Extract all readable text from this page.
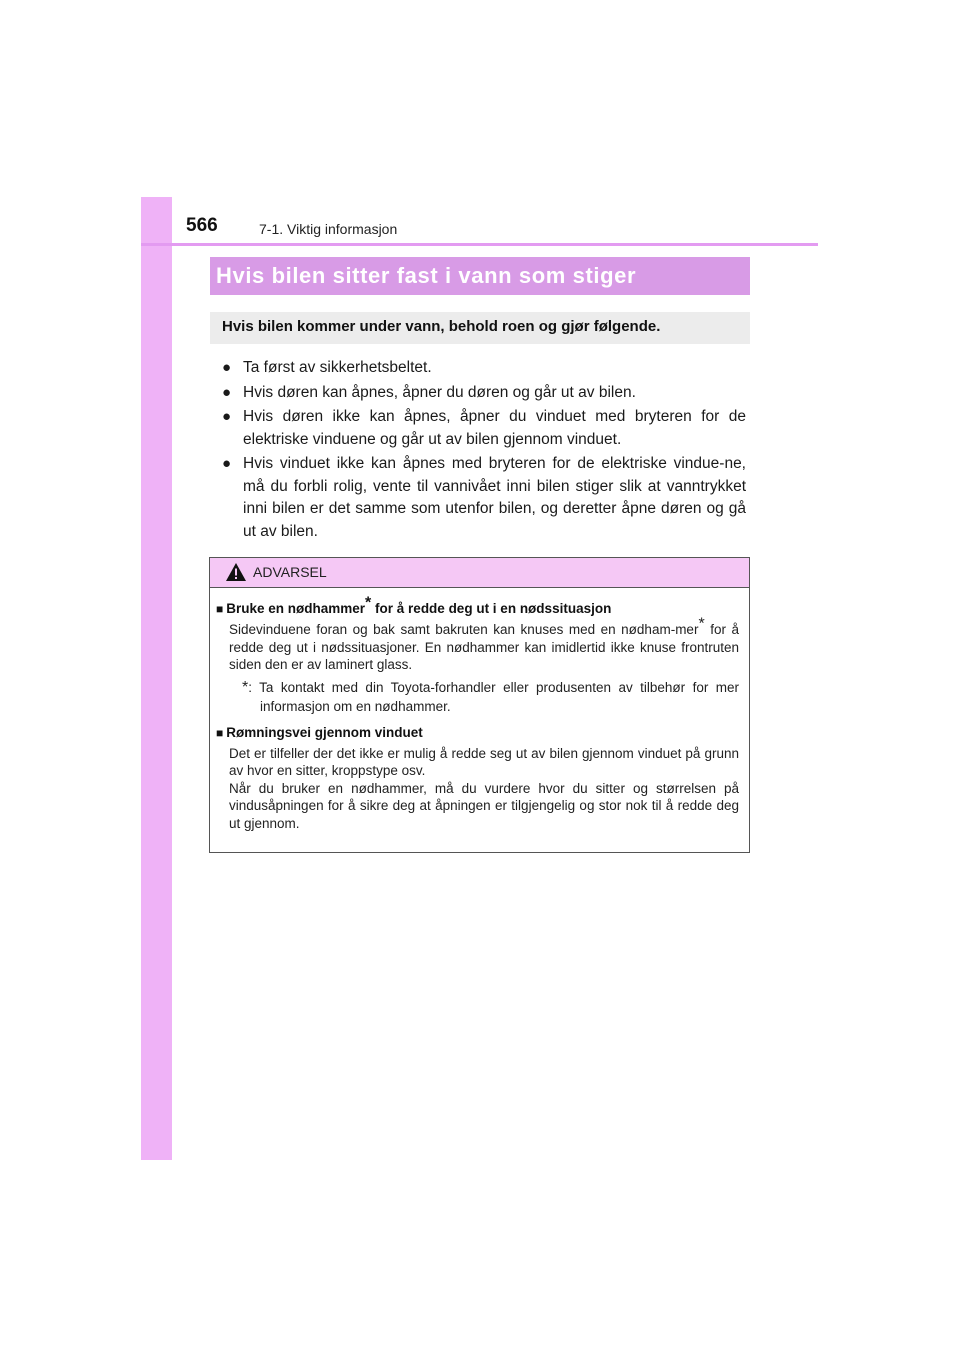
566	7-1. Viktig informasjon
Hvis bilen sitter fast i vann som stiger
Hvis bilen kommer under vann, behold roen og gjør følgende.
● Ta først av sikkerhetsbeltet.
● Hvis døren kan åpnes, åpner du døren og går ut av bilen.
● Hvis døren ikke kan åpnes, åpner du vinduet med bryteren for de elektriske vinduene og går ut av bilen gjennom vinduet.
● Hvis vinduet ikke kan åpnes med bryteren for de elektriske vindue-ne, må du forbli rolig, vente til vannivået inni bilen stiger slik at vanntrykket inni bilen er det samme som utenfor bilen, og deretter åpne døren og gå ut av bilen.
ADVARSEL
■ Bruke en nødhammer* for å redde deg ut i en nødssituasjon
Sidevinduene foran og bak samt bakruten kan knuses med en nødham-mer* for å redde deg ut i nødssituasjoner. En nødhammer kan imidlertid ikke knuse frontruten siden den er av laminert glass.
*: Ta kontakt med din Toyota-forhandler eller produsenten av tilbehør for mer informasjon om en nødhammer.
■ Rømningsvei gjennom vinduet
Det er tilfeller der det ikke er mulig å redde seg ut av bilen gjennom vinduet på grunn av hvor en sitter, kroppstype osv.
Når du bruker en nødhammer, må du vurdere hvor du sitter og størrelsen på vindusåpningen for å sikre deg at åpningen er tilgjengelig og stor nok til å redde deg ut gjennom.
